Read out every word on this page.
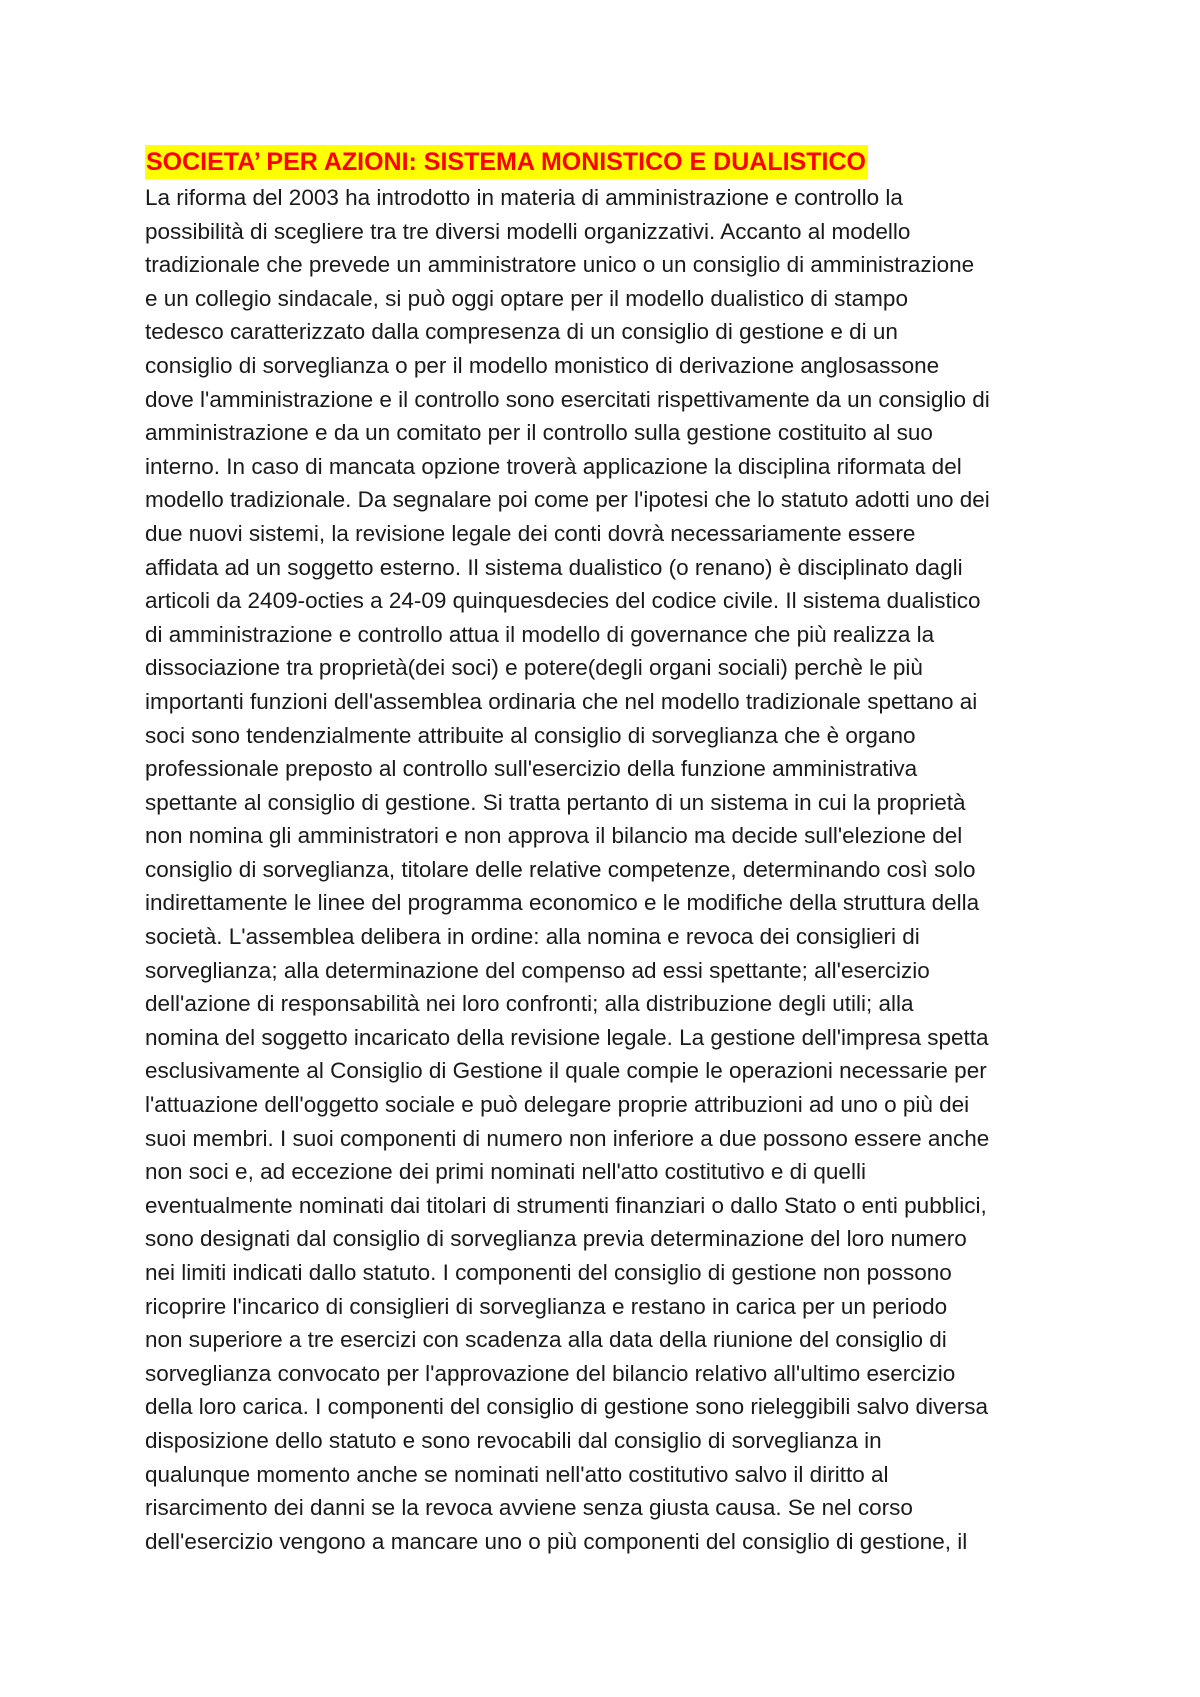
SOCIETA’ PER AZIONI: SISTEMA MONISTICO E DUALISTICO
La riforma del 2003 ha introdotto in materia di amministrazione e controllo la
possibilità di scegliere tra tre diversi modelli organizzativi. Accanto al modello
tradizionale che prevede un amministratore unico o un consiglio di amministrazione
e un collegio sindacale, si può oggi optare per il modello dualistico di stampo
tedesco caratterizzato dalla compresenza di un consiglio di gestione e di un
consiglio di sorveglianza o per il modello monistico di derivazione anglosassone
dove l'amministrazione e il controllo sono esercitati rispettivamente da un consiglio di
amministrazione e da un comitato per il controllo sulla gestione costituito al suo
interno. In caso di mancata opzione troverà applicazione la disciplina riformata del
modello tradizionale. Da segnalare poi come per l'ipotesi che lo statuto adotti uno dei
due nuovi sistemi, la revisione legale dei conti dovrà necessariamente essere
affidata ad un soggetto esterno. Il sistema dualistico (o renano) è disciplinato dagli
articoli da 2409-octies a 24-09 quinquesdecies del codice civile. Il sistema dualistico
di amministrazione e controllo attua il modello di governance che più realizza la
dissociazione tra proprietà(dei soci) e potere(degli organi sociali) perchè le più
importanti funzioni dell'assemblea ordinaria che nel modello tradizionale spettano ai
soci sono tendenzialmente attribuite al consiglio di sorveglianza che è organo
professionale preposto al controllo sull'esercizio della funzione amministrativa
spettante al consiglio di gestione. Si tratta pertanto di un sistema in cui la proprietà
non nomina gli amministratori e non approva il bilancio ma decide sull'elezione del
consiglio di sorveglianza, titolare delle relative competenze, determinando così solo
indirettamente le linee del programma economico e le modifiche della struttura della
società. L'assemblea delibera in ordine: alla nomina e revoca dei consiglieri di
sorveglianza; alla determinazione del compenso ad essi spettante; all'esercizio
dell'azione di responsabilità nei loro confronti; alla distribuzione degli utili; alla
nomina del soggetto incaricato della revisione legale. La gestione dell'impresa spetta
esclusivamente al Consiglio di Gestione il quale compie le operazioni necessarie per
l'attuazione dell'oggetto sociale e può delegare proprie attribuzioni ad uno o più dei
suoi membri. I suoi componenti di numero non inferiore a due possono essere anche
non soci e, ad eccezione dei primi nominati nell'atto costitutivo e di quelli
eventualmente nominati dai titolari di strumenti finanziari o dallo Stato o enti pubblici,
sono designati dal consiglio di sorveglianza previa determinazione del loro numero
nei limiti indicati dallo statuto. I componenti del consiglio di gestione non possono
ricoprire l'incarico di consiglieri di sorveglianza e restano in carica per un periodo
non superiore a tre esercizi con scadenza alla data della riunione del consiglio di
sorveglianza convocato per l'approvazione del bilancio relativo all'ultimo esercizio
della loro carica. I componenti del consiglio di gestione sono rieleggibili salvo diversa
disposizione dello statuto e sono revocabili dal consiglio di sorveglianza in
qualunque momento anche se nominati nell'atto costitutivo salvo il diritto al
risarcimento dei danni se la revoca avviene senza giusta causa. Se nel corso
dell'esercizio vengono a mancare uno o più componenti del consiglio di gestione, il
